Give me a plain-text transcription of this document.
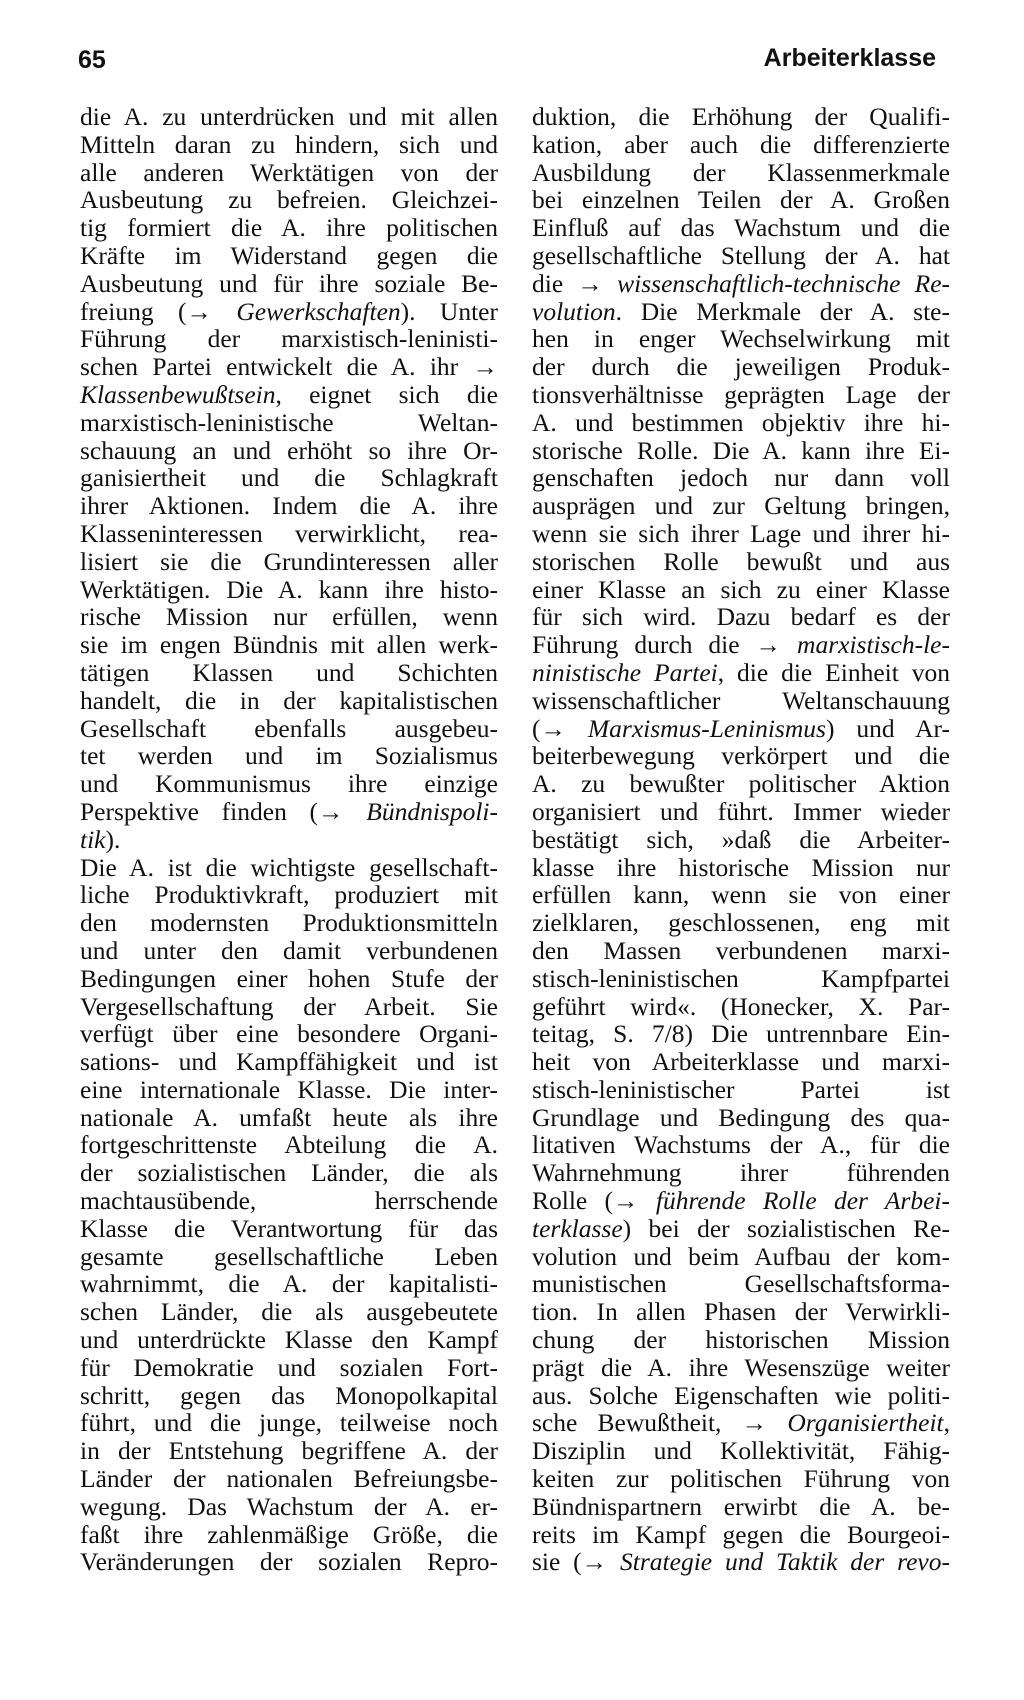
65	Arbeiterklasse
die A. zu unterdrücken und mit allen
Mitteln daran zu hindern, sich und
alle anderen Werktätigen von der
Ausbeutung zu befreien. Gleichzei-
tig formiert die A. ihre politischen
Kräfte im Widerstand gegen die
Ausbeutung und für ihre soziale Be-
freiung (→ Gewerkschaften). Unter
Führung der marxistisch-leninisti-
schen Partei entwickelt die A. ihr →
Klassenbewußtsein, eignet sich die
marxistisch-leninistische Weltan-
schauung an und erhöht so ihre Or-
ganisiertheit und die Schlagkraft
ihrer Aktionen. Indem die A. ihre
Klasseninteressen verwirklicht, rea-
lisiert sie die Grundinteressen aller
Werktätigen. Die A. kann ihre histo-
rische Mission nur erfüllen, wenn
sie im engen Bündnis mit allen werk-
tätigen Klassen und Schichten
handelt, die in der kapitalistischen
Gesellschaft ebenfalls ausgebeu-
tet werden und im Sozialismus
und Kommunismus ihre einzige
Perspektive finden (→ Bündnispoli-
tik).
Die A. ist die wichtigste gesellschaft-
liche Produktivkraft, produziert mit
den modernsten Produktionsmitteln
und unter den damit verbundenen
Bedingungen einer hohen Stufe der
Vergesellschaftung der Arbeit. Sie
verfügt über eine besondere Organi-
sations- und Kampffähigkeit und ist
eine internationale Klasse. Die inter-
nationale A. umfaßt heute als ihre
fortgeschrittenste Abteilung die A.
der sozialistischen Länder, die als
machtausübende, herrschende
Klasse die Verantwortung für das
gesamte gesellschaftliche Leben
wahrnimmt, die A. der kapitalisti-
schen Länder, die als ausgebeutete
und unterdrückte Klasse den Kampf
für Demokratie und sozialen Fort-
schritt, gegen das Monopolkapital
führt, und die junge, teilweise noch
in der Entstehung begriffene A. der
Länder der nationalen Befreiungsbe-
wegung. Das Wachstum der A. er-
faßt ihre zahlenmäßige Größe, die
Veränderungen der sozialen Repro-
duktion, die Erhöhung der Qualifi-
kation, aber auch die differenzierte
Ausbildung der Klassenmerkmale
bei einzelnen Teilen der A. Großen
Einfluß auf das Wachstum und die
gesellschaftliche Stellung der A. hat
die → wissenschaftlich-technische Re-
volution. Die Merkmale der A. ste-
hen in enger Wechselwirkung mit
der durch die jeweiligen Produk-
tionsverhältnisse geprägten Lage der
A. und bestimmen objektiv ihre hi-
storische Rolle. Die A. kann ihre Ei-
genschaften jedoch nur dann voll
ausprägen und zur Geltung bringen,
wenn sie sich ihrer Lage und ihrer hi-
storischen Rolle bewußt und aus
einer Klasse an sich zu einer Klasse
für sich wird. Dazu bedarf es der
Führung durch die → marxistisch-le-
ninistische Partei, die die Einheit von
wissenschaftlicher Weltanschauung
(→ Marxismus-Leninismus) und Ar-
beiterbewegung verkörpert und die
A. zu bewußter politischer Aktion
organisiert und führt. Immer wieder
bestätigt sich, »daß die Arbeiter-
klasse ihre historische Mission nur
erfüllen kann, wenn sie von einer
zielklaren, geschlossenen, eng mit
den Massen verbundenen marxi-
stisch-leninistischen Kampfpartei
geführt wird«. (Honecker, X. Par-
teitag, S. 7/8) Die untrennbare Ein-
heit von Arbeiterklasse und marxi-
stisch-leninistischer Partei ist
Grundlage und Bedingung des qua-
litativen Wachstums der A., für die
Wahrnehmung ihrer führenden
Rolle (→ führende Rolle der Arbei-
terklasse) bei der sozialistischen Re-
volution und beim Aufbau der kom-
munistischen Gesellschaftsforma-
tion. In allen Phasen der Verwirkli-
chung der historischen Mission
prägt die A. ihre Wesenszüge weiter
aus. Solche Eigenschaften wie politi-
sche Bewußtheit, → Organisiertheit,
Disziplin und Kollektivität, Fähig-
keiten zur politischen Führung von
Bündnispartnern erwirbt die A. be-
reits im Kampf gegen die Bourgeoi-
sie (→ Strategie und Taktik der revo-
